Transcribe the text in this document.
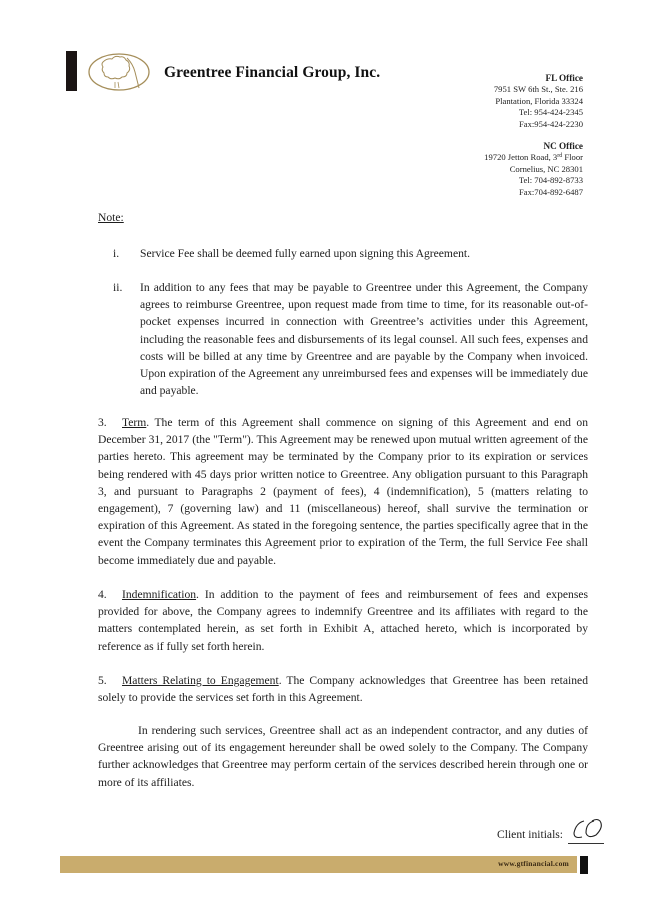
Greentree Financial Group, Inc.	FL Office
7951 SW 6th St., Ste. 216
Plantation, Florida 33324
Tel: 954-424-2345
Fax:954-424-2230
NC Office
19720 Jetton Road, 3rd Floor
Cornelius, NC 28301
Tel: 704-892-8733
Fax:704-892-6487
Note:
i.	Service Fee shall be deemed fully earned upon signing this Agreement.
ii.	In addition to any fees that may be payable to Greentree under this Agreement, the Company agrees to reimburse Greentree, upon request made from time to time, for its reasonable out-of-pocket expenses incurred in connection with Greentree’s activities under this Agreement, including the reasonable fees and disbursements of its legal counsel. All such fees, expenses and costs will be billed at any time by Greentree and are payable by the Company when invoiced. Upon expiration of the Agreement any unreimbursed fees and expenses will be immediately due and payable.
3. Term. The term of this Agreement shall commence on signing of this Agreement and end on December 31, 2017 (the "Term"). This Agreement may be renewed upon mutual written agreement of the parties hereto. This agreement may be terminated by the Company prior to its expiration or services being rendered with 45 days prior written notice to Greentree. Any obligation pursuant to this Paragraph 3, and pursuant to Paragraphs 2 (payment of fees), 4 (indemnification), 5 (matters relating to engagement), 7 (governing law) and 11 (miscellaneous) hereof, shall survive the termination or expiration of this Agreement. As stated in the foregoing sentence, the parties specifically agree that in the event the Company terminates this Agreement prior to expiration of the Term, the full Service Fee shall become immediately due and payable.
4. Indemnification. In addition to the payment of fees and reimbursement of fees and expenses provided for above, the Company agrees to indemnify Greentree and its affiliates with regard to the matters contemplated herein, as set forth in Exhibit A, attached hereto, which is incorporated by reference as if fully set forth herein.
5. Matters Relating to Engagement. The Company acknowledges that Greentree has been retained solely to provide the services set forth in this Agreement.
In rendering such services, Greentree shall act as an independent contractor, and any duties of Greentree arising out of its engagement hereunder shall be owed solely to the Company. The Company further acknowledges that Greentree may perform certain of the services described herein through one or more of its affiliates.
Client initials:
www.gtfinancial.com
